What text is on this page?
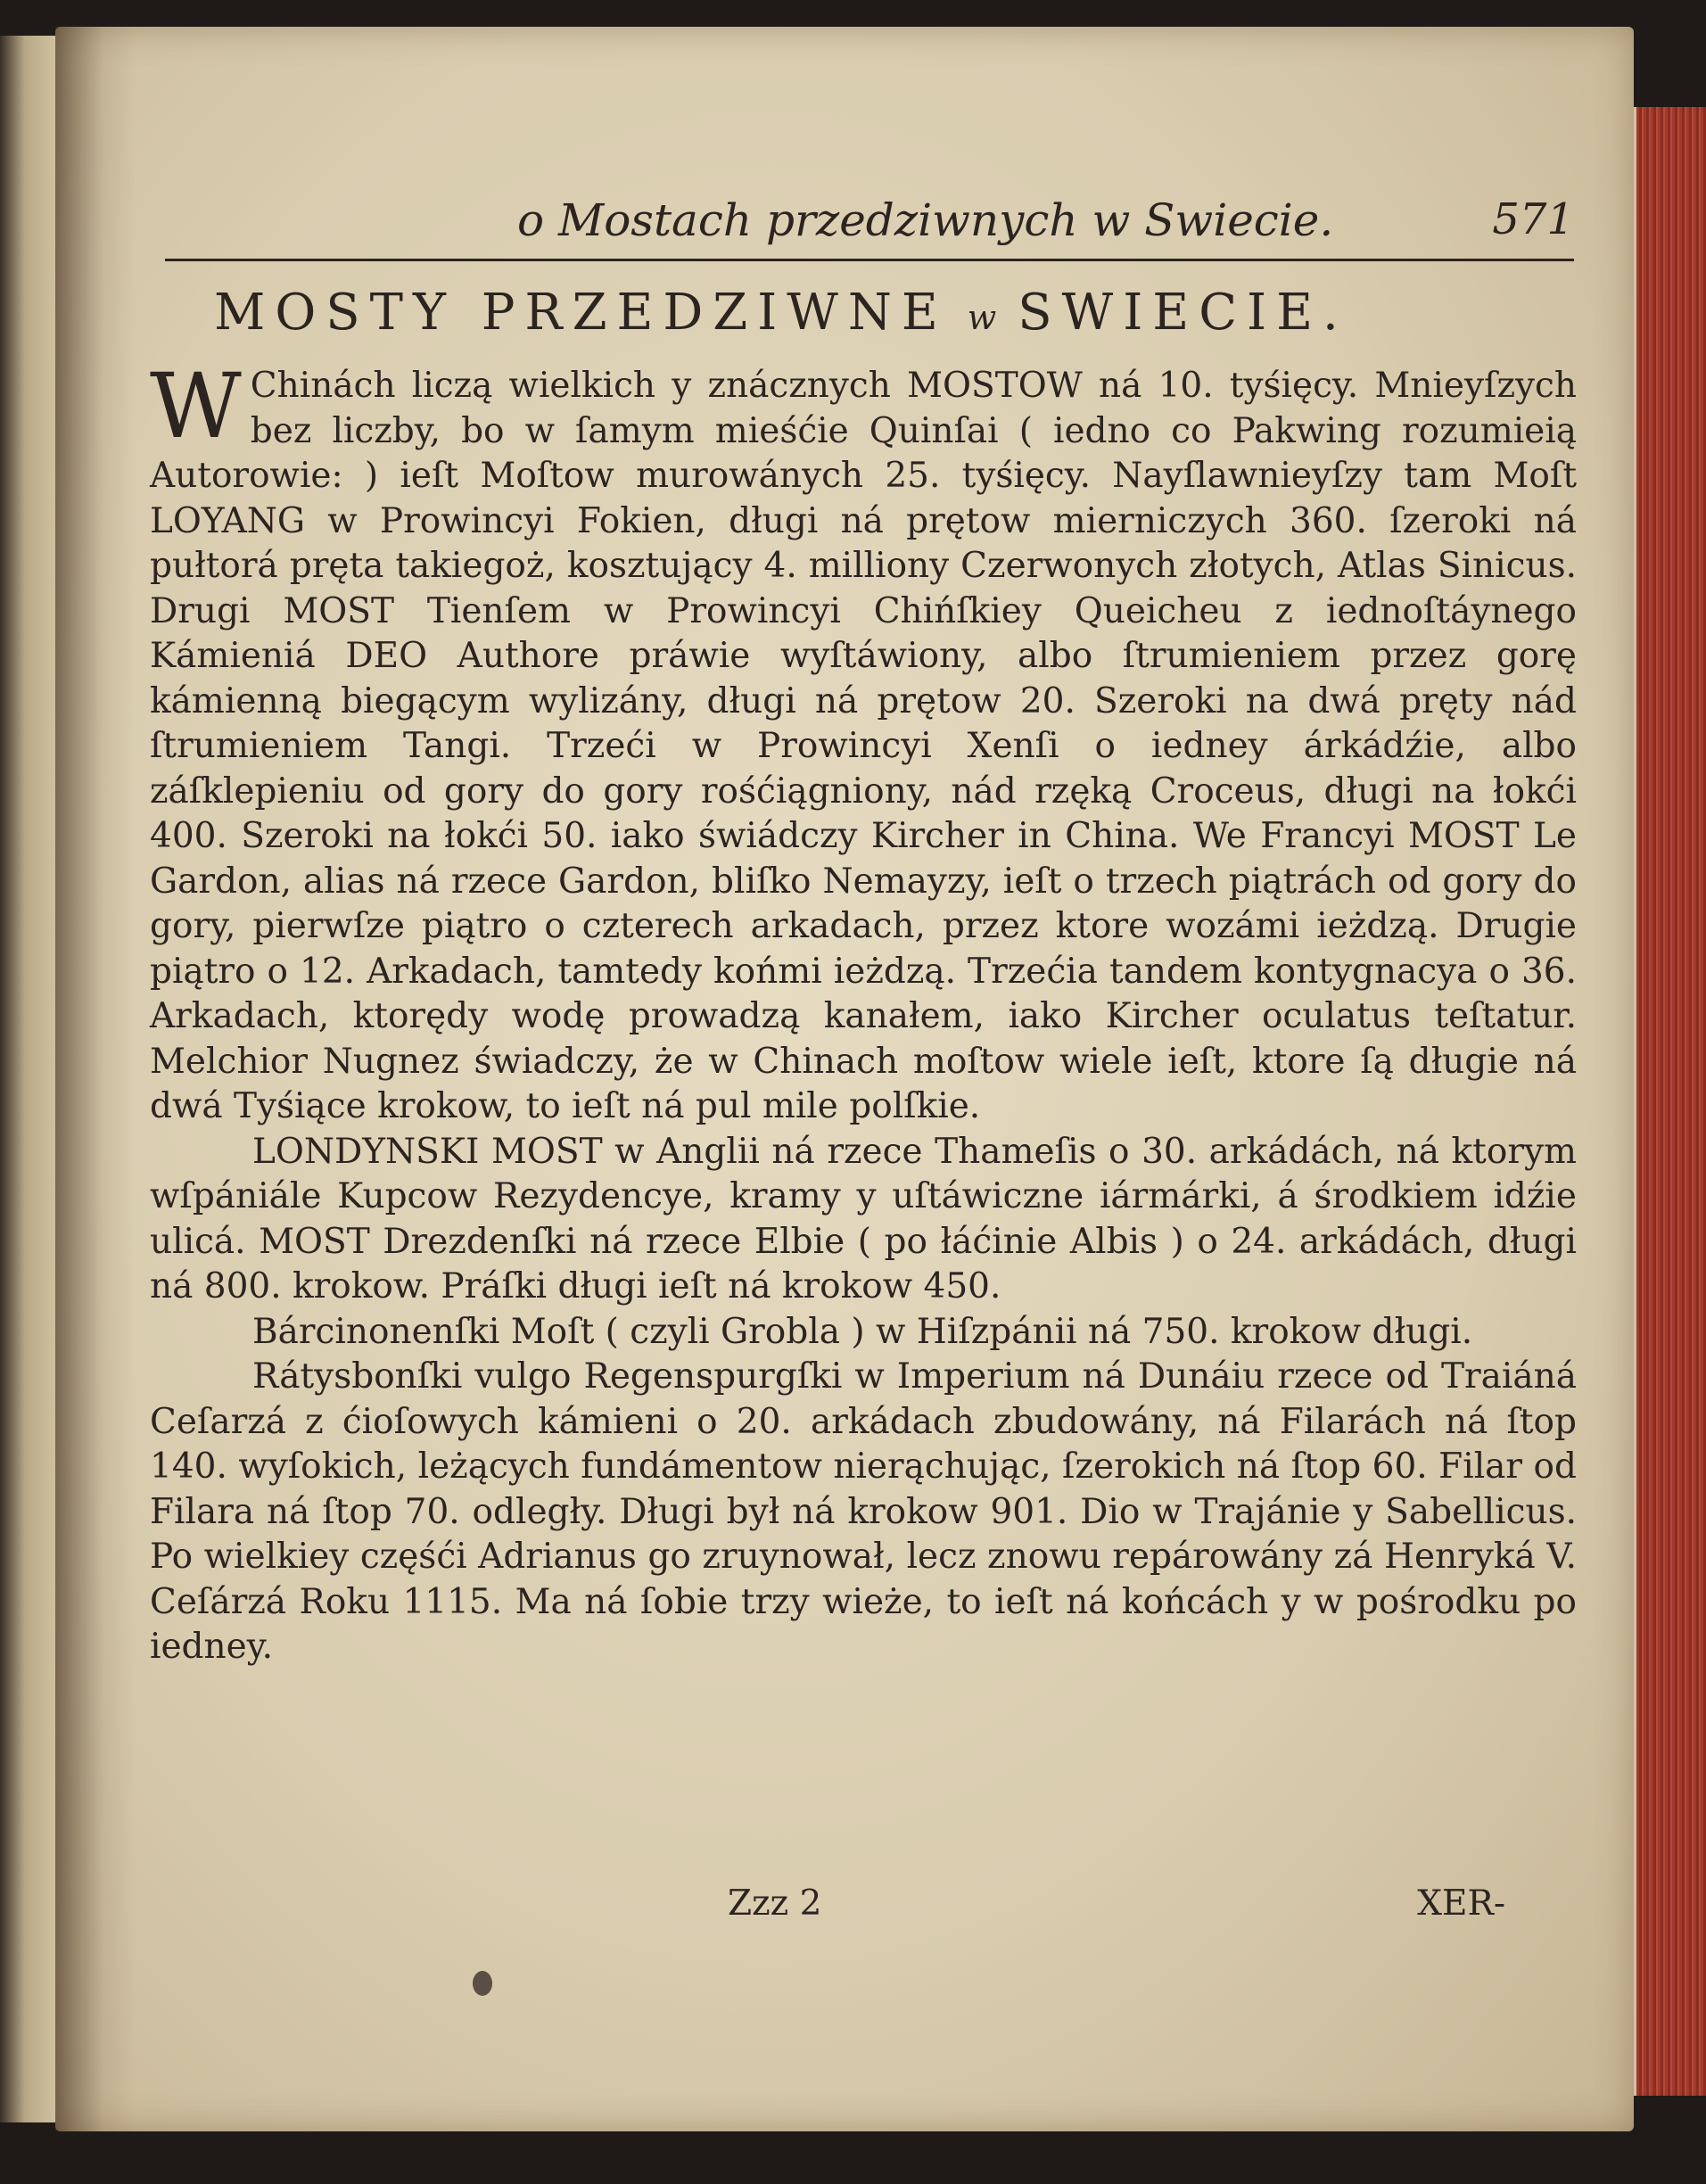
o Mostach przedziwnych w Swiecie.	571
MOSTY PRZEDZIWNE w SWIECIE.

W Chinách liczą wielkich y znácznych MOSTOW ná 10. tyśięcy. Mnieyſzych bez liczby, bo w ſamym mieśćie Quinſai ( iedno co Pakwing rozumieią Autorowie: ) ieſt Moſtow murowánych 25. tyśięcy. Nayſlawnieyſzy tam Moſt LOYANG w Prowincyi Fokien, długi ná prętow mierniczych 360. ſzeroki ná pułtorá pręta takiegoż, kosztujący 4. milliony Czerwonych złotych, Atlas Sinicus. Drugi MOST Tienſem w Prowincyi Chińſkiey Queicheu z iednoſtáynego Kámieniá DEO Authore práwie wyſtáwiony, albo ſtrumieniem przez gorę kámienną biegącym wylizány, długi ná prętow 20. Szeroki na dwá pręty nád ſtrumieniem Tangi. Trzeći w Prowincyi Xenſi o iedney árkádźie, albo záſklepieniu od gory do gory rośćiągniony, nád rzęką Croceus, długi na łokći 400. Szeroki na łokći 50. iako świádczy Kircher in China. We Francyi MOST Le Gardon, alias ná rzece Gardon, bliſko Nemayzy, ieſt o trzech piątrách od gory do gory, pierwſze piątro o czterech arkadach, przez ktore wozámi ieżdzą. Drugie piątro o 12. Arkadach, tamtedy końmi ieżdzą. Trzećia tandem kontygnacya o 36. Arkadach, ktorędy wodę prowadzą kanałem, iako Kircher oculatus teſtatur. Melchior Nugnez świadczy, że w Chinach moſtow wiele ieſt, ktore ſą długie ná dwá Tyśiące krokow, to ieſt ná pul mile polſkie.

LONDYNSKI MOST w Anglii ná rzece Thameſis o 30. arkádách, ná ktorym wſpániále Kupcow Rezydencye, kramy y uſtáwiczne iármárki, á środkiem idźie ulicá. MOST Drezdenſki ná rzece Elbie ( po łáćinie Albis ) o 24. arkádách, długi ná 800. krokow. Práſki długi ieſt ná krokow 450.

Bárcinonenſki Moſt ( czyli Grobla ) w Hiſzpánii ná 750. krokow długi.

Rátysbonſki vulgo Regenspurgſki w Imperium ná Dunáiu rzece od Traiáná Ceſarzá z ćioſowych kámieni o 20. arkádach zbudowány, ná Filarách ná ſtop 140. wyſokich, leżących fundámentow nierąchując, ſzerokich ná ſtop 60. Filar od Filara ná ſtop 70. odległy. Długi był ná krokow 901. Dio w Trajánie y Sabellicus. Po wielkiey częśći Adrianus go zruynował, lecz znowu repárowány zá Henryká V. Ceſárzá Roku 1115. Ma ná ſobie trzy wieże, to ieſt ná końcách y w pośrodku po iedney.

Zzz 2	XER-
